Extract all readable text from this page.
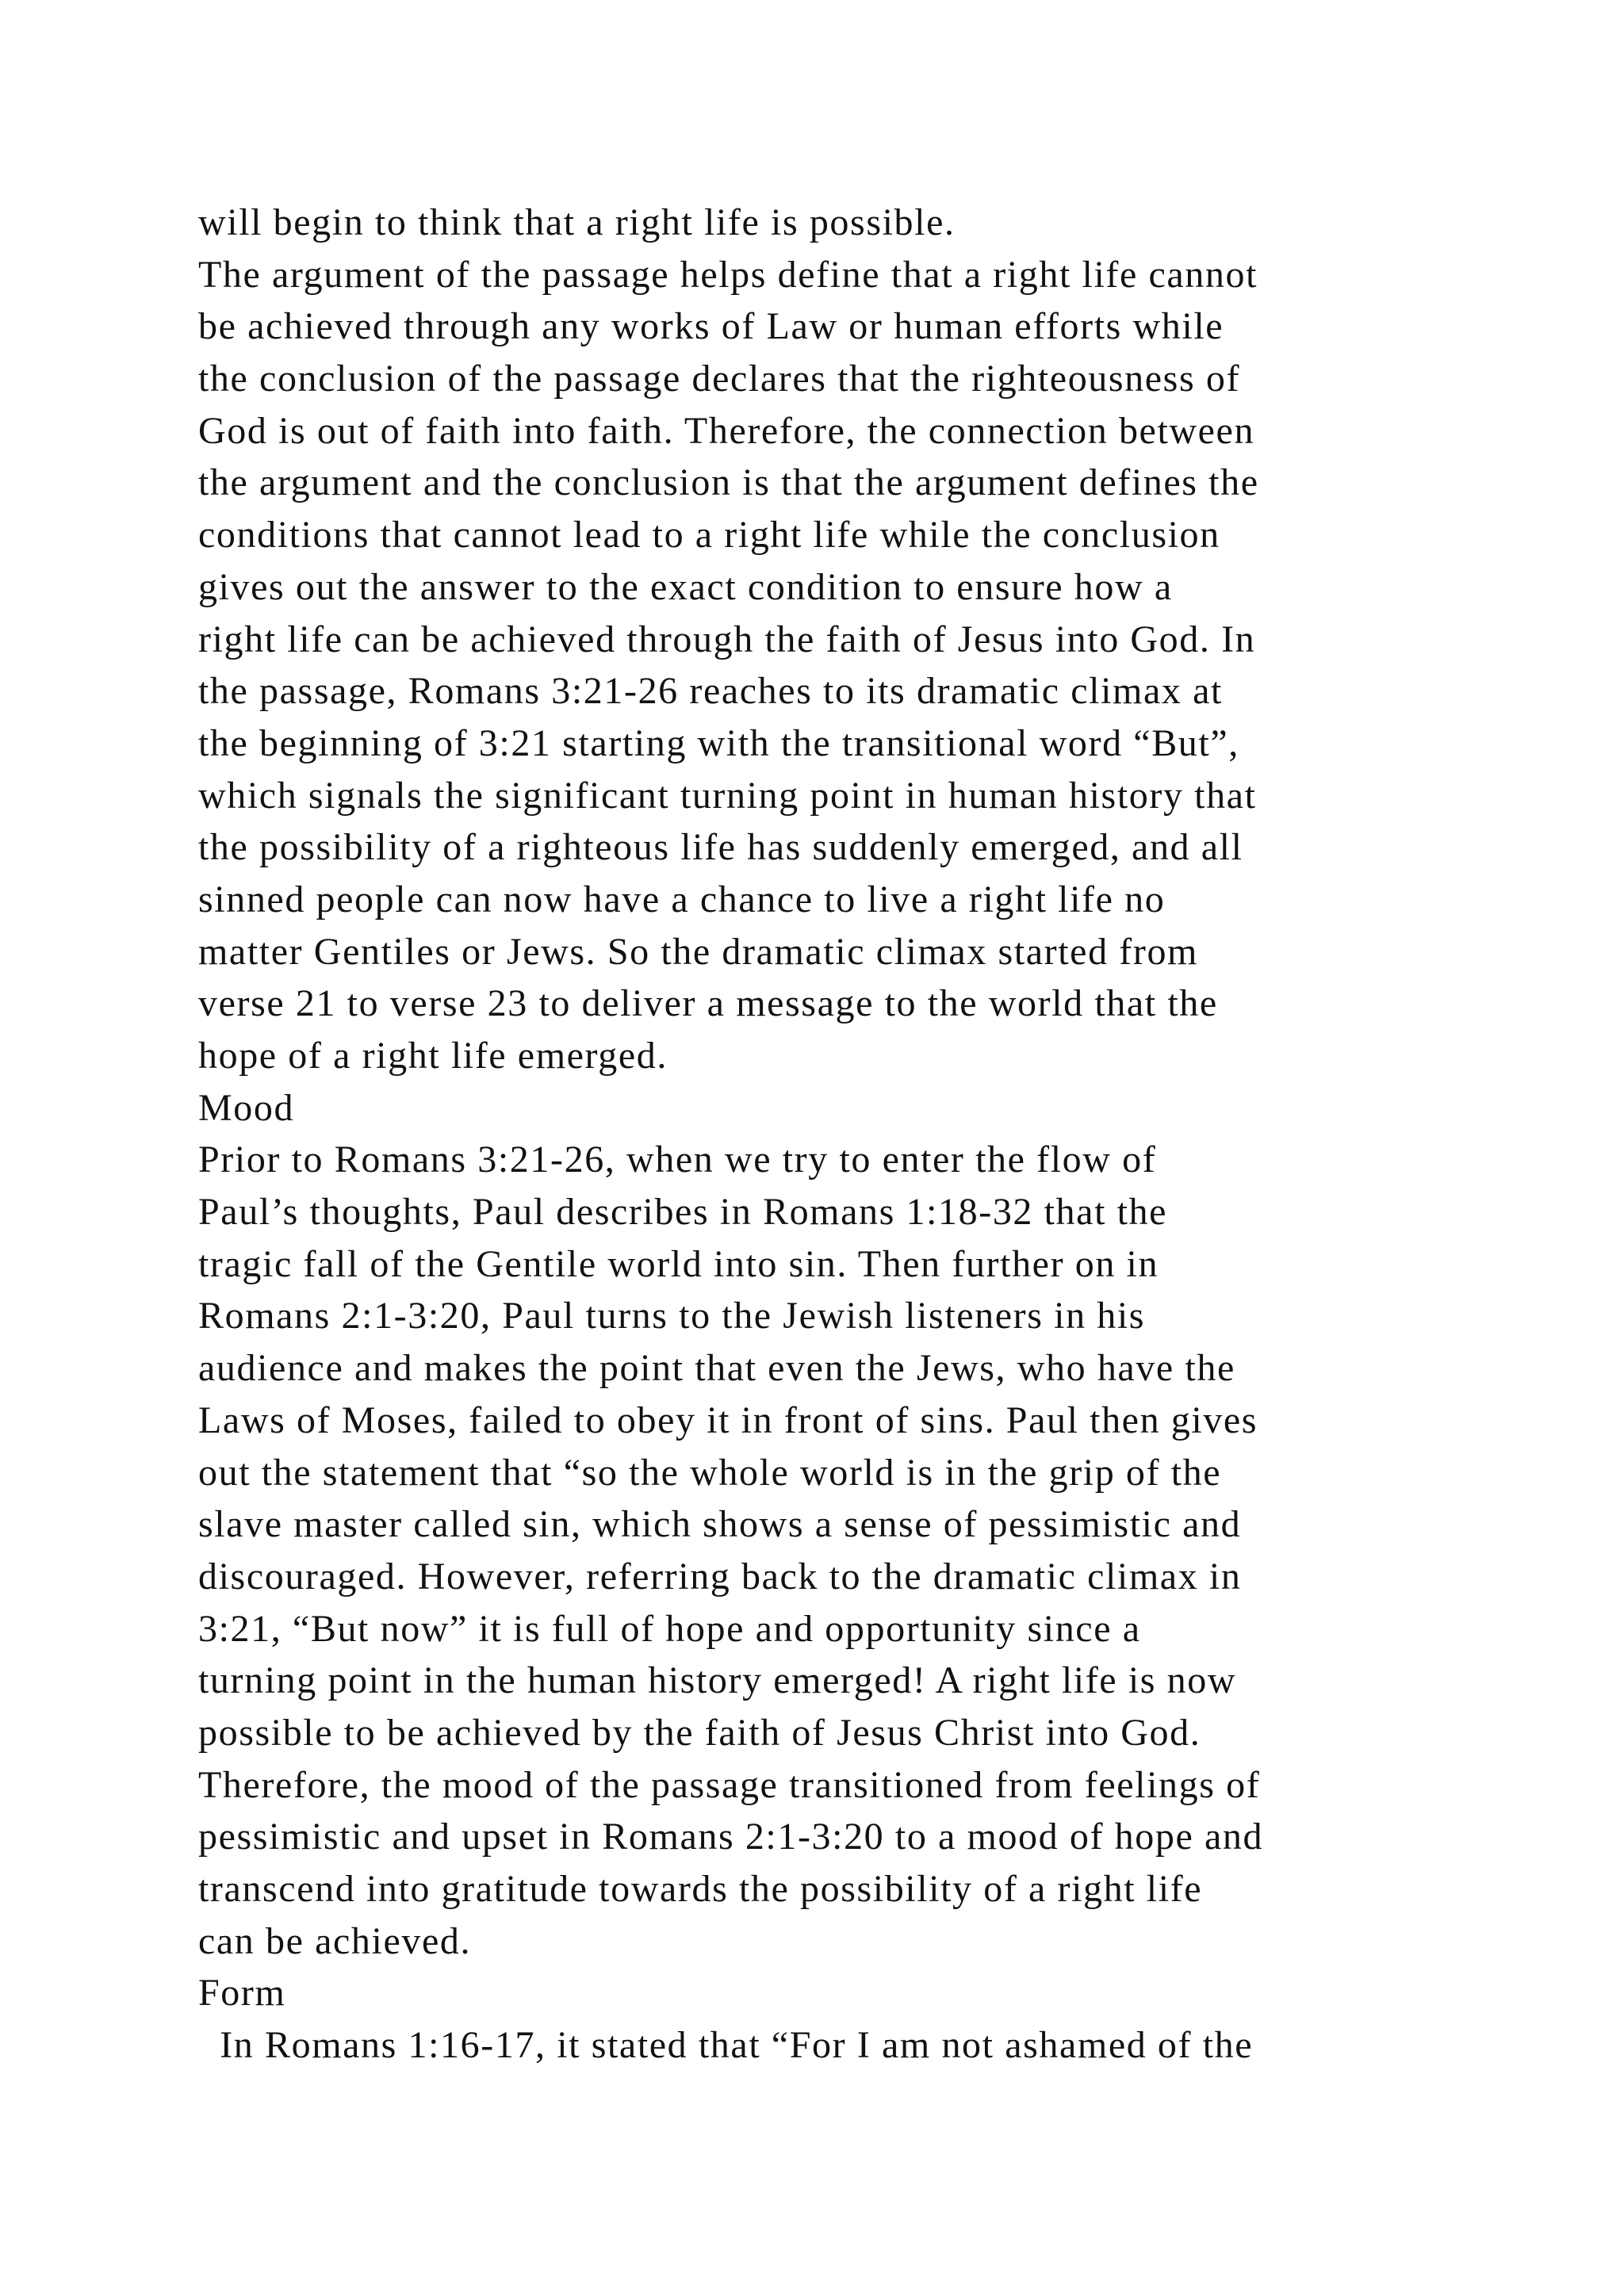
will begin to think that a right life is possible.
The argument of the passage helps define that a right life cannot
be achieved through any works of Law or human efforts while
the conclusion of the passage declares that the righteousness of
God is out of faith into faith. Therefore, the connection between
the argument and the conclusion is that the argument defines the
conditions that cannot lead to a right life while the conclusion
gives out the answer to the exact condition to ensure how a
right life can be achieved through the faith of Jesus into God. In
the passage, Romans 3:21-26 reaches to its dramatic climax at
the beginning of 3:21 starting with the transitional word “But”,
which signals the significant turning point in human history that
the possibility of a righteous life has suddenly emerged, and all
sinned people can now have a chance to live a right life no
matter Gentiles or Jews. So the dramatic climax started from
verse 21 to verse 23 to deliver a message to the world that the
hope of a right life emerged.
Mood
Prior to Romans 3:21-26, when we try to enter the flow of
Paul’s thoughts, Paul describes in Romans 1:18-32 that the
tragic fall of the Gentile world into sin. Then further on in
Romans 2:1-3:20, Paul turns to the Jewish listeners in his
audience and makes the point that even the Jews, who have the
Laws of Moses, failed to obey it in front of sins. Paul then gives
out the statement that “so the whole world is in the grip of the
slave master called sin, which shows a sense of pessimistic and
discouraged. However, referring back to the dramatic climax in
3:21, “But now” it is full of hope and opportunity since a
turning point in the human history emerged! A right life is now
possible to be achieved by the faith of Jesus Christ into God.
Therefore, the mood of the passage transitioned from feelings of
pessimistic and upset in Romans 2:1-3:20 to a mood of hope and
transcend into gratitude towards the possibility of a right life
can be achieved.
Form
In Romans 1:16-17, it stated that “For I am not ashamed of the
